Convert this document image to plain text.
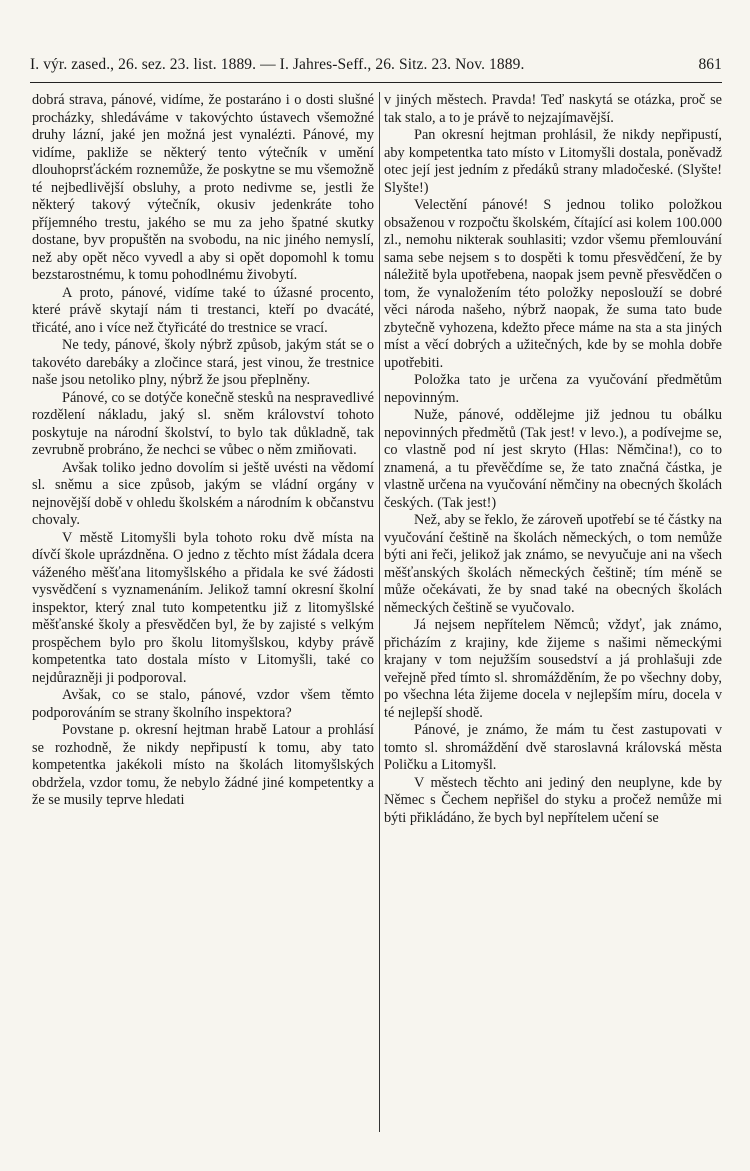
I. výr. zased., 26. sez. 23. list. 1889. — I. Jahres-Seff., 26. Sitz. 23. Nov. 1889.	861

dobrá strava, pánové, vidíme, že postaráno i o dosti slušné procházky, shledáváme v takovýchto ústavech všemožné druhy lázní, jaké jen možná jest vynalézti. Pánové, my vidíme, pakliže se některý tento výtečník v umění dlouhoprsťáckém roznemůže, že poskytne se mu všemožně té nejbedlivější obsluhy, a proto nedivme se, jestli že některý takový výtečník, okusiv jedenkráte toho příjemného trestu, jakého se mu za jeho špatné skutky dostane, byv propuštěn na svobodu, na nic jiného nemyslí, než aby opět něco vyvedl a aby si opět dopomohl k tomu bezstarostnému, k tomu pohodlnému živobytí.

A proto, pánové, vidíme také to úžasné procento, které právě skytají nám ti trestanci, kteří po dvacáté, třicáté, ano i více než čtyřicáté do trestnice se vrací.

Ne tedy, pánové, školy nýbrž způsob, jakým stát se o takovéto darebáky a zločince stará, jest vinou, že trestnice naše jsou netoliko plny, nýbrž že jsou přeplněny.

Pánové, co se dotýče konečně stesků na nespravedlivé rozdělení nákladu, jaký sl. sněm království tohoto poskytuje na národní školství, to bylo tak důkladně, tak zevrubně probráno, že nechci se vůbec o něm zmiňovati.

Avšak toliko jedno dovolím si ještě uvésti na vědomí sl. sněmu a sice způsob, jakým se vládní orgány v nejnovější době v ohledu školském a národním k občanstvu chovaly.

V městě Litomyšli byla tohoto roku dvě místa na dívčí škole uprázdněna. O jedno z těchto míst žádala dcera váženého měšťana litomyšlského a přidala ke své žádosti vysvědčení s vyznamenáním. Jelikož tamní okresní školní inspektor, který znal tuto kompetentku již z litomyšlské měšťanské školy a přesvědčen byl, že by zajisté s velkým prospěchem bylo pro školu litomyšlskou, kdyby právě kompetentka tato dostala místo v Litomyšli, také co nejdůrazněji ji podporoval.

Avšak, co se stalo, pánové, vzdor všem těmto podporováním se strany školního inspektora?

Povstane p. okresní hejtman hrabě Latour a prohlásí se rozhodně, že nikdy nepřipustí k tomu, aby tato kompetentka jakékoli místo na školách litomyšlských obdržela, vzdor tomu, že nebylo žádné jiné kompetentky a že se musily teprve hledati

v jiných městech. Pravda! Teď naskytá se otázka, proč se tak stalo, a to je právě to nejzajímavější.

Pan okresní hejtman prohlásil, že nikdy nepřipustí, aby kompetentka tato místo v Litomyšli dostala, poněvadž otec její jest jedním z předáků strany mladočeské. (Slyšte! Slyšte!)

Velectění pánové! S jednou toliko položkou obsaženou v rozpočtu školském, čítající asi kolem 100.000 zl., nemohu nikterak souhlasiti; vzdor všemu přemlouvání sama sebe nejsem s to dospěti k tomu přesvědčení, že by náležitě byla upotřebena, naopak jsem pevně přesvědčen o tom, že vynaložením této položky neposlouží se dobré věci národa našeho, nýbrž naopak, že suma tato bude zbytečně vyhozena, kdežto přece máme na sta a sta jiných míst a věcí dobrých a užitečných, kde by se mohla dobře upotřebiti.

Položka tato je určena za vyučování předmětům nepovinným.

Nuže, pánové, oddělejme již jednou tu obálku nepovinných předmětů (Tak jest! v levo.), a podívejme se, co vlastně pod ní jest skryto (Hlas: Němčina!), co to znamená, a tu převěčdíme se, že tato značná částka, je vlastně určena na vyučování němčiny na obecných školách českých. (Tak jest!)

Než, aby se řeklo, že zároveň upotřebí se té částky na vyučování češtině na školách německých, o tom nemůže býti ani řeči, jelikož jak známo, se nevyučuje ani na všech měšťanských školách německých češtině; tím méně se může očekávati, že by snad také na obecných školách německých češtině se vyučovalo.

Já nejsem nepřítelem Němců; vždyť, jak známo, přicházím z krajiny, kde žijeme s našimi německými krajany v tom nejužším sousedství a já prohlašuji zde veřejně před tímto sl. shromážděním, že po všechny doby, po všechna léta žijeme docela v nejlepším míru, docela v té nejlepší shodě.

Pánové, je známo, že mám tu čest zastupovati v tomto sl. shromáždění dvě staroslavná královská města Poličku a Litomyšl.

V městech těchto ani jediný den neuplyne, kde by Němec s Čechem nepřišel do styku a pročež nemůže mi býti přikládáno, že bych byl nepřítelem učení se
